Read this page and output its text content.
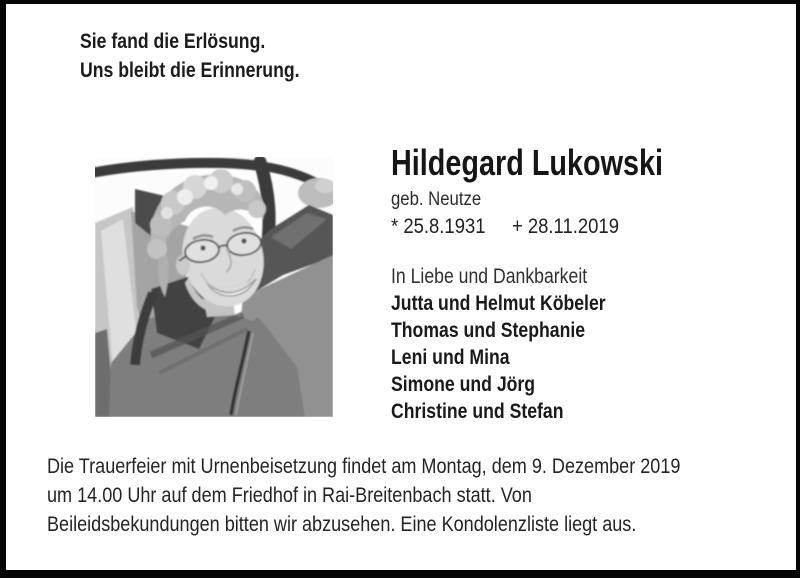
Sie fand die Erlösung.
Uns bleibt die Erinnerung.
Hildegard Lukowski
geb. Neutze
* 25.8.1931 + 28.11.2019
In Liebe und Dankbarkeit
Jutta und Helmut Köbeler
Thomas und Stephanie
Leni und Mina
Simone und Jörg
Christine und Stefan
Die Trauerfeier mit Urnenbeisetzung findet am Montag, dem 9. Dezember 2019
um 14.00 Uhr auf dem Friedhof in Rai-Breitenbach statt. Von
Beileidsbekundungen bitten wir abzusehen. Eine Kondolenzliste liegt aus.
